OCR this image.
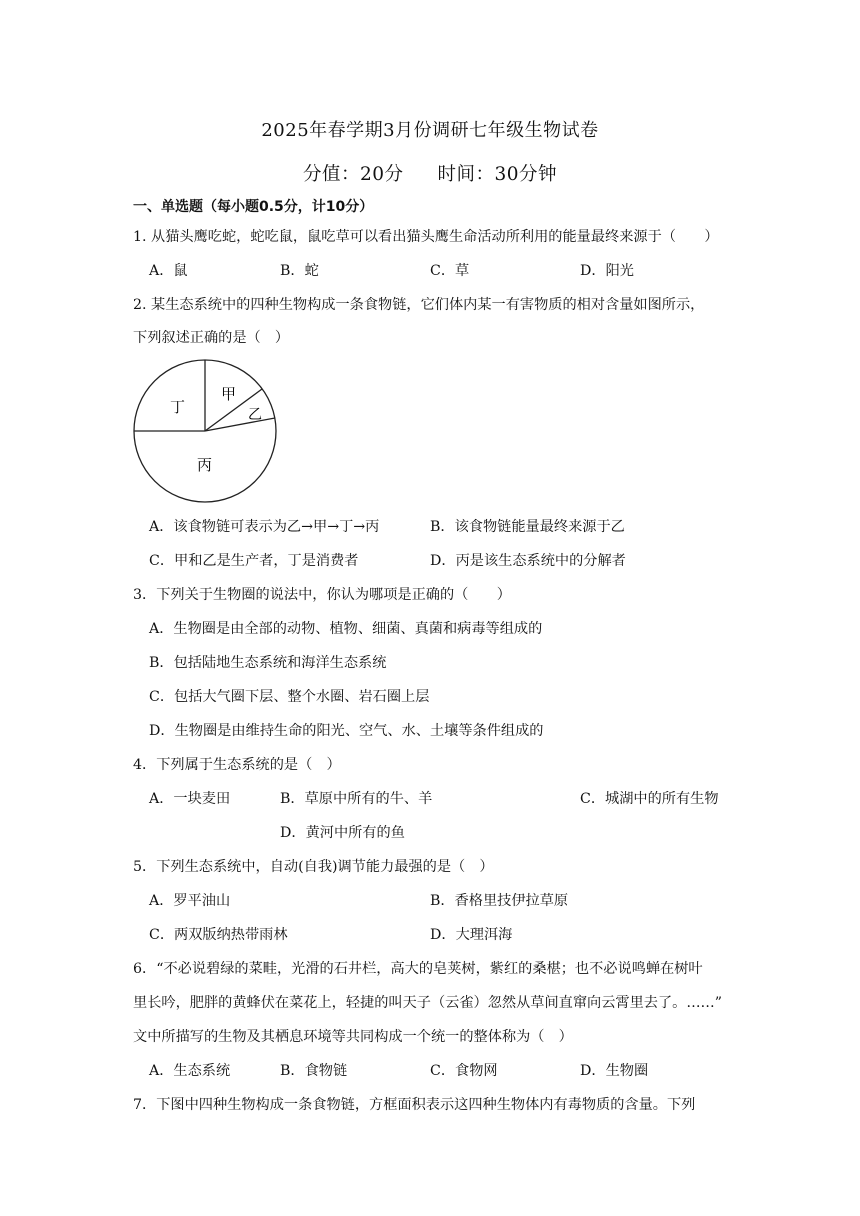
2025年春学期3月份调研七年级生物试卷
分值：20分 时间：30分钟
一、单选题（每小题0.5分，计10分）
1. 从猫头鹰吃蛇，蛇吃鼠，鼠吃草可以看出猫头鹰生命活动所利用的能量最终来源于（　　）
A．鼠	B．蛇	C．草	D．阳光
2. 某生态系统中的四种生物构成一条食物链，它们体内某一有害物质的相对含量如图所示，
下列叙述正确的是（　）
丁
甲
乙
丙
A．该食物链可表示为乙→甲→丁→丙	B．该食物链能量最终来源于乙
C．甲和乙是生产者，丁是消费者	D．丙是该生态系统中的分解者
3．下列关于生物圈的说法中，你认为哪项是正确的（　　）
A．生物圈是由全部的动物、植物、细菌、真菌和病毒等组成的
B．包括陆地生态系统和海洋生态系统
C．包括大气圈下层、整个水圈、岩石圈上层
D．生物圈是由维持生命的阳光、空气、水、土壤等条件组成的
4．下列属于生态系统的是（　）
A．一块麦田	B．草原中所有的牛、羊	C．城湖中的所有生物
D．黄河中所有的鱼
5．下列生态系统中，自动(自我)调节能力最强的是（　）
A．罗平油山	B．香格里技伊拉草原
C．两双版纳热带雨林	D．大理洱海
6．“不必说碧绿的菜畦，光滑的石井栏，高大的皂荚树，紫红的桑椹；也不必说鸣蝉在树叶
里长吟，肥胖的黄蜂伏在菜花上，轻捷的叫天子（云雀）忽然从草间直窜向云霄里去了。……”
文中所描写的生物及其栖息环境等共同构成一个统一的整体称为（　）
A．生态系统	B．食物链	C．食物网	D．生物圈
7．下图中四种生物构成一条食物链，方框面积表示这四种生物体内有毒物质的含量。下列
